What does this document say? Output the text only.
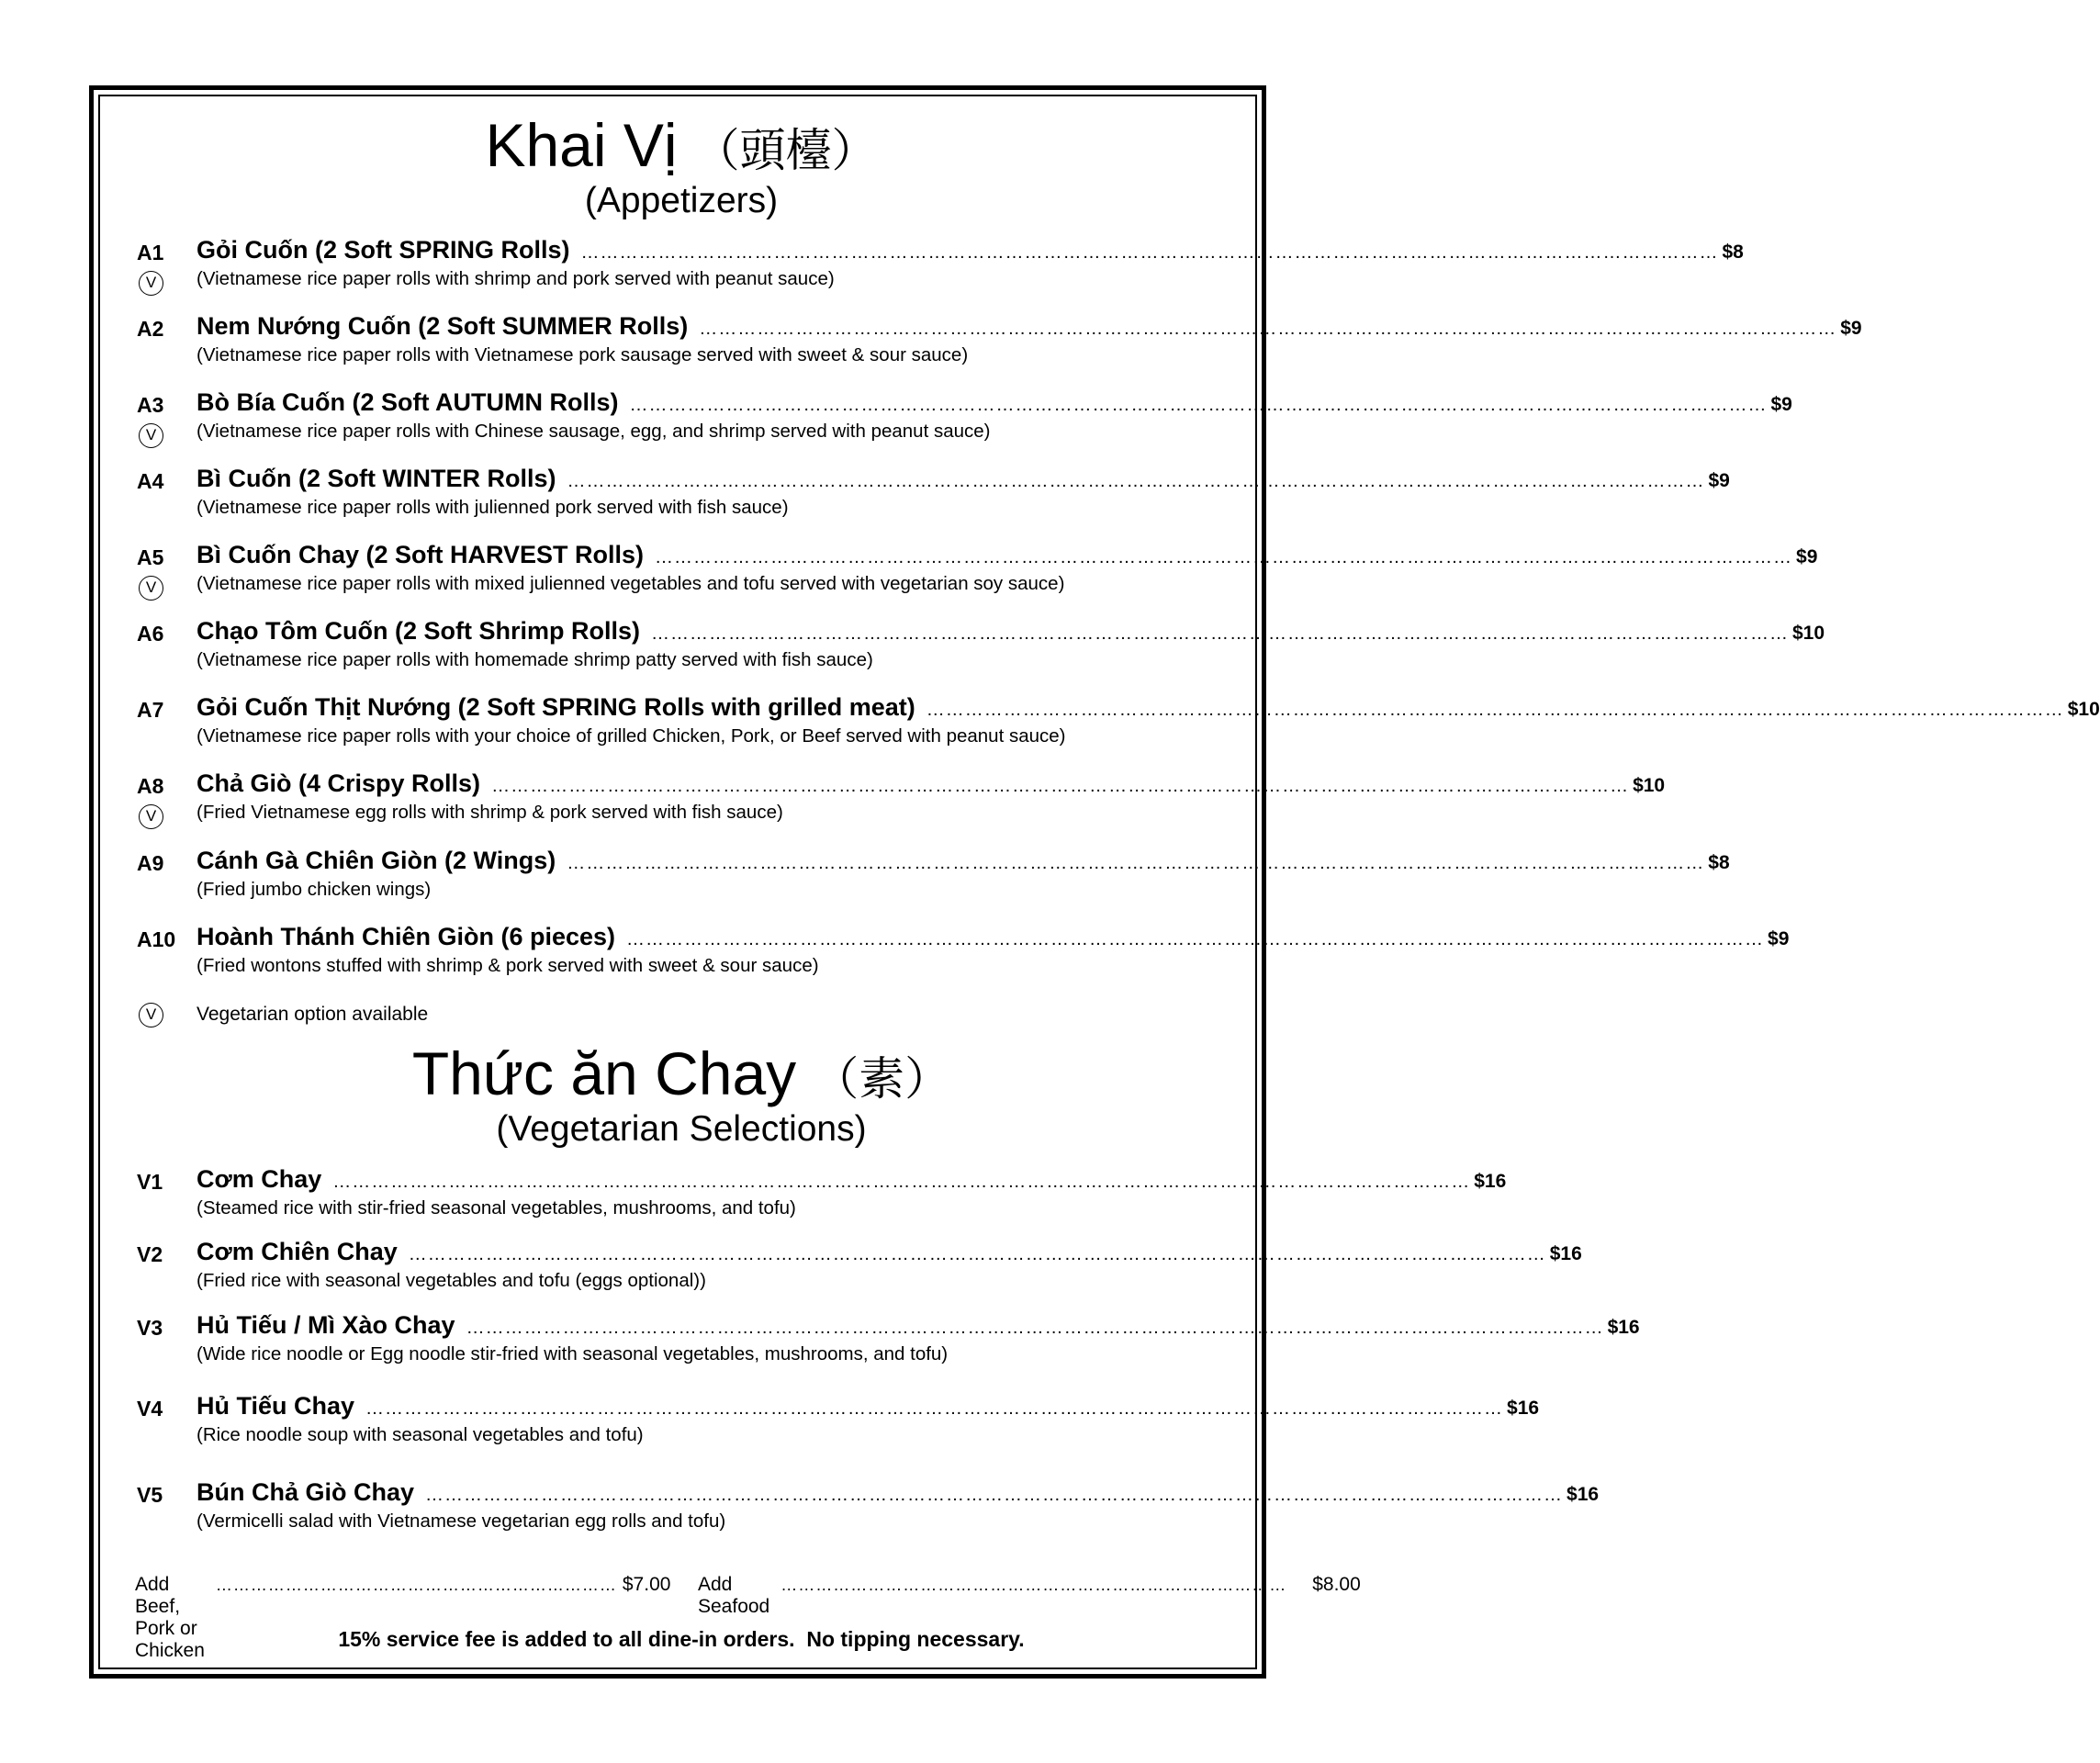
Khai Vị （頭檯）
(Appetizers)
A1
V
Gỏi Cuốn (2 Soft SPRING Rolls) …………………………………………………………………………………………………………………………………………………………… $8
(Vietnamese rice paper rolls with shrimp and pork served with peanut sauce)
A2 Nem Nướng Cuốn (2 Soft SUMMER Rolls) …………………………………………………………………………………………………………………………………………………………… $9
(Vietnamese rice paper rolls with Vietnamese pork sausage served with sweet & sour sauce)
A3
V
Bò Bía Cuốn (2 Soft AUTUMN Rolls) …………………………………………………………………………………………………………………………………………………………… $9
(Vietnamese rice paper rolls with Chinese sausage, egg, and shrimp served with peanut sauce)
A4 Bì Cuốn (2 Soft WINTER Rolls) …………………………………………………………………………………………………………………………………………………………… $9
(Vietnamese rice paper rolls with julienned pork served with fish sauce)
A5
V
Bì Cuốn Chay (2 Soft HARVEST Rolls) …………………………………………………………………………………………………………………………………………………………… $9
(Vietnamese rice paper rolls with mixed julienned vegetables and tofu served with vegetarian soy sauce)
A6 Chạo Tôm Cuốn (2 Soft Shrimp Rolls) …………………………………………………………………………………………………………………………………………………………… $10
(Vietnamese rice paper rolls with homemade shrimp patty served with fish sauce)
A7 Gỏi Cuốn Thịt Nướng (2 Soft SPRING Rolls with grilled meat) …………………………………………………………………………………………………………………………………………………………… $10
(Vietnamese rice paper rolls with your choice of grilled Chicken, Pork, or Beef served with peanut sauce)
A8
V
Chả Giò (4 Crispy Rolls) …………………………………………………………………………………………………………………………………………………………… $10
(Fried Vietnamese egg rolls with shrimp & pork served with fish sauce)
A9 Cánh Gà Chiên Giòn (2 Wings) …………………………………………………………………………………………………………………………………………………………… $8
(Fried jumbo chicken wings)
A10 Hoành Thánh Chiên Giòn (6 pieces) …………………………………………………………………………………………………………………………………………………………… $9
(Fried wontons stuffed with shrimp & pork served with sweet & sour sauce)
V	Vegetarian option available
Thức ăn Chay （素）
(Vegetarian Selections)
V1 Cơm Chay …………………………………………………………………………………………………………………………………………………………… $16
(Steamed rice with stir-fried seasonal vegetables, mushrooms, and tofu)
V2 Cơm Chiên Chay …………………………………………………………………………………………………………………………………………………………… $16
(Fried rice with seasonal vegetables and tofu (eggs optional))
V3 Hủ Tiếu / Mì Xào Chay …………………………………………………………………………………………………………………………………………………………… $16
(Wide rice noodle or Egg noodle stir-fried with seasonal vegetables, mushrooms, and tofu)
V4 Hủ Tiếu Chay …………………………………………………………………………………………………………………………………………………………… $16
(Rice noodle soup with seasonal vegetables and tofu)
V5 Bún Chả Giò Chay …………………………………………………………………………………………………………………………………………………………… $16
(Vermicelli salad with Vietnamese vegetarian egg rolls and tofu)
Add Beef, Pork or Chicken
…………………………………………………………… $7.00 Add Seafood
…………………………………………………………………………… $8.00
15% service fee is added to all dine-in orders.  No tipping necessary.
